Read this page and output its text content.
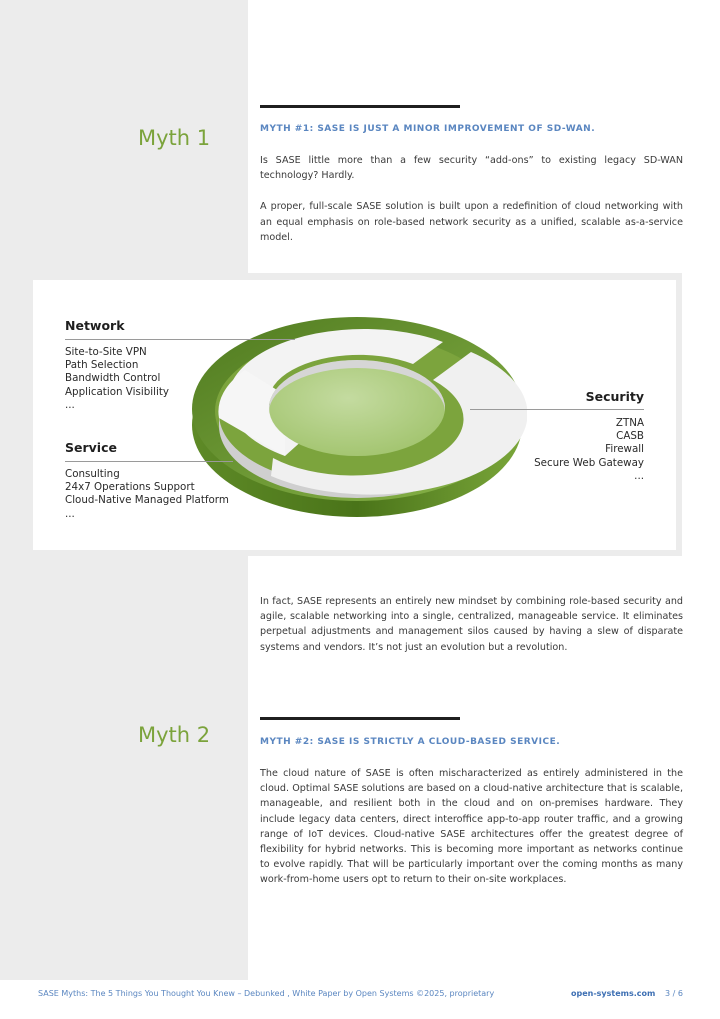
Myth 1	MYTH #1: SASE IS JUST A MINOR IMPROVEMENT OF SD-WAN.

Is SASE little more than a few security “add-ons” to existing legacy SD-WAN technology? Hardly.

A proper, full-scale SASE solution is built upon a redefinition of cloud networking with an equal emphasis on role-based network security as a unified, scalable as-a-service model.

Network
Site-to-Site VPN
Path Selection
Bandwidth Control
Application Visibility
...
Service
Consulting
24x7 Operations Support
Cloud-Native Managed Platform
...
Security
ZTNA
CASB
Firewall
Secure Web Gateway
...
In fact, SASE represents an entirely new mindset by combining role-based security and agile, scalable networking into a single, centralized, manageable service. It eliminates perpetual adjustments and management silos caused by having a slew of disparate systems and vendors. It’s not just an evolution but a revolution.
Myth 2	MYTH #2: SASE IS STRICTLY A CLOUD-BASED SERVICE.
The cloud nature of SASE is often mischaracterized as entirely administered in the cloud. Optimal SASE solutions are based on a cloud-native architecture that is scalable, manageable, and resilient both in the cloud and on on-premises hardware. They include legacy data centers, direct interoffice app-to-app router traffic, and a growing range of IoT devices. Cloud-native SASE architectures offer the greatest degree of flexibility for hybrid networks. This is becoming more important as networks continue to evolve rapidly. That will be particularly important over the coming months as many work-from-home users opt to return to their on-site workplaces.
SASE Myths: The 5 Things You Thought You Knew – Debunked , White Paper by Open Systems ©2025, proprietary	open-systems.com 3 / 6
